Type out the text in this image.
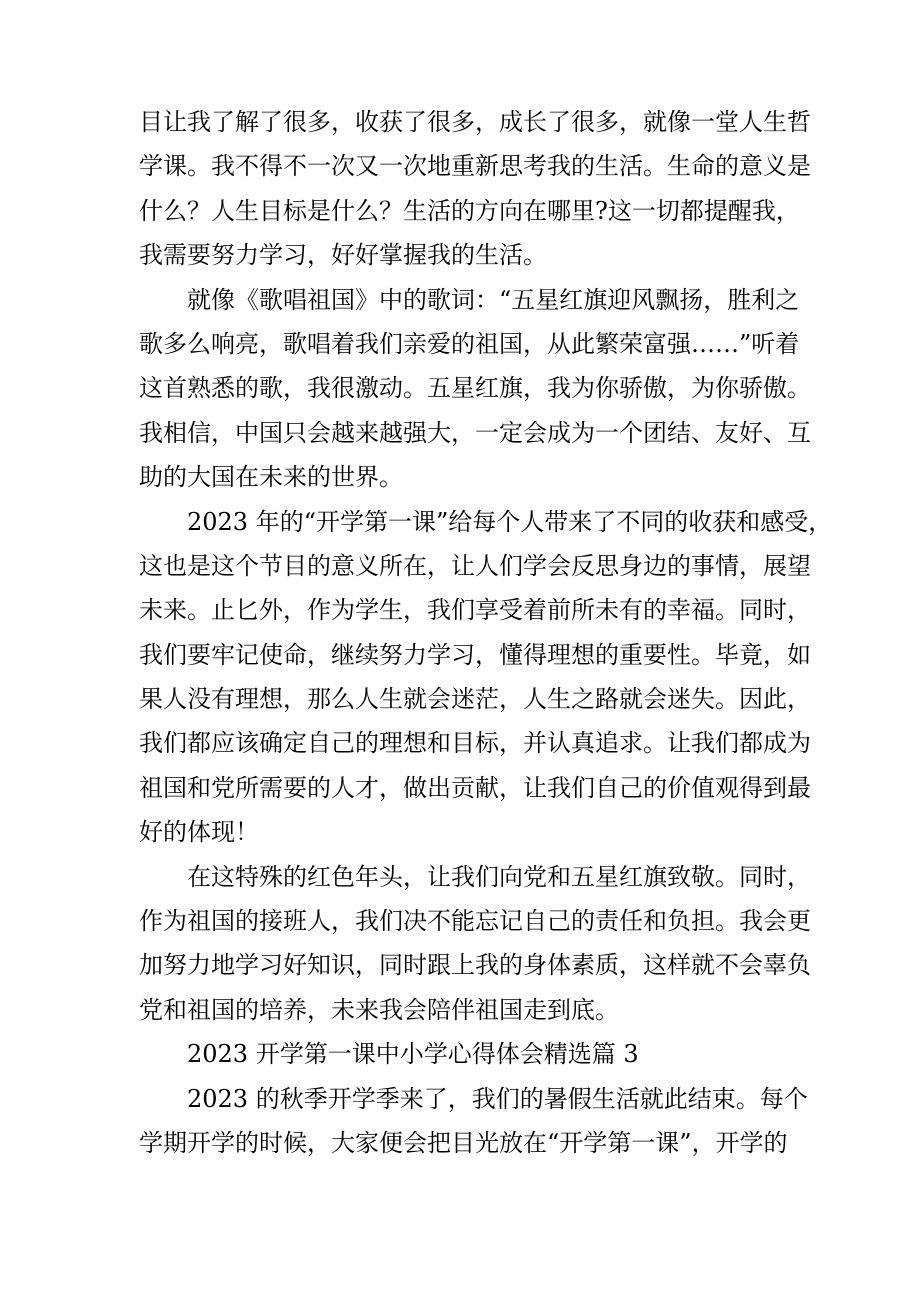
目让我了解了很多，收获了很多，成长了很多，就像一堂人生哲
学课。我不得不一次又一次地重新思考我的生活。生命的意义是
什么？人生目标是什么？生活的方向在哪里?这一切都提醒我，
我需要努力学习，好好掌握我的生活。
就像《歌唱祖国》中的歌词：“五星红旗迎风飘扬，胜利之
歌多么响亮，歌唱着我们亲爱的祖国，从此繁荣富强……”听着
这首熟悉的歌，我很激动。五星红旗，我为你骄傲，为你骄傲。
我相信，中国只会越来越强大，一定会成为一个团结、友好、互
助的大国在未来的世界。
2023 年的“开学第一课”给每个人带来了不同的收获和感受，
这也是这个节目的意义所在，让人们学会反思身边的事情，展望
未来。止匕外，作为学生，我们享受着前所未有的幸福。同时，
我们要牢记使命，继续努力学习，懂得理想的重要性。毕竟，如
果人没有理想，那么人生就会迷茫，人生之路就会迷失。因此，
我们都应该确定自己的理想和目标，并认真追求。让我们都成为
祖国和党所需要的人才，做出贡献，让我们自己的价值观得到最
好的体现！
在这特殊的红色年头，让我们向党和五星红旗致敬。同时，
作为祖国的接班人，我们决不能忘记自己的责任和负担。我会更
加努力地学习好知识，同时跟上我的身体素质，这样就不会辜负
党和祖国的培养，未来我会陪伴祖国走到底。
2023 开学第一课中小学心得体会精选篇 3
2023 的秋季开学季来了，我们的暑假生活就此结束。每个
学期开学的时候，大家便会把目光放在“开学第一课”，开学的
